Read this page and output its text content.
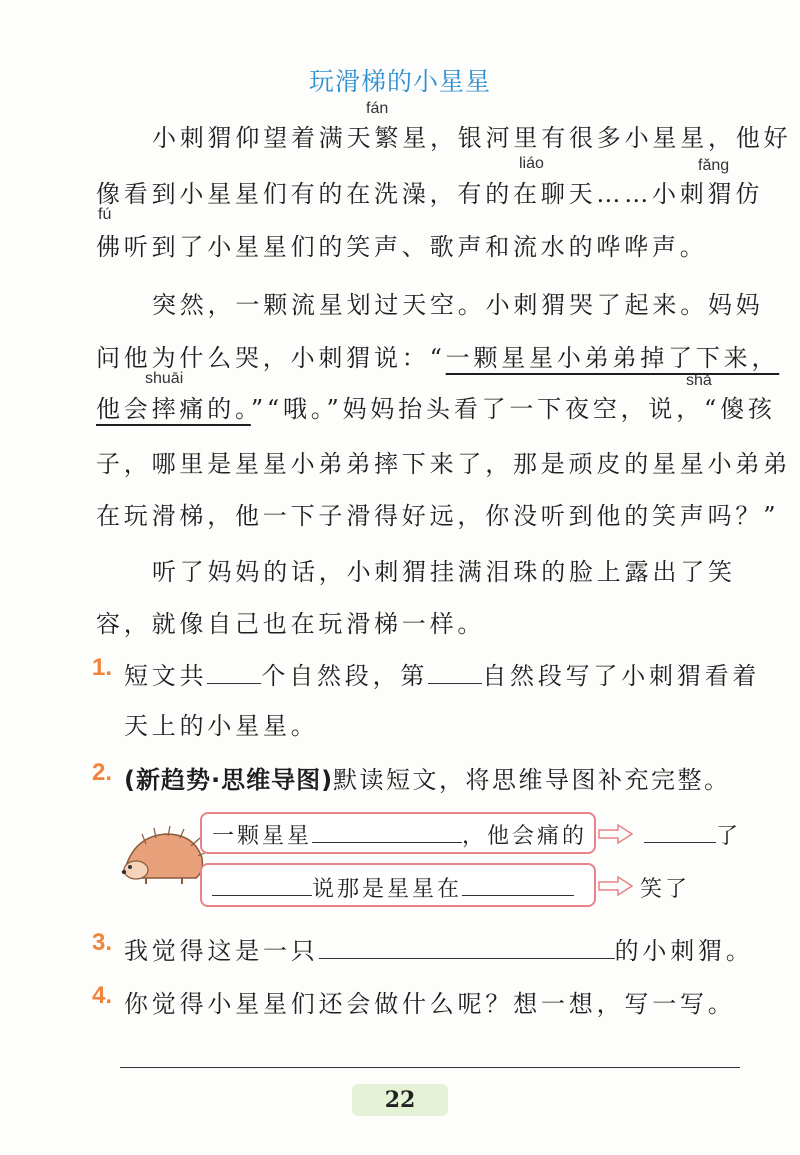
玩滑梯的小星星
fán
liáo	fǎng
fú
shuāi	shǎ
小刺猬仰望着满天繁星，银河里有很多小星星，他好
像看到小星星们有的在洗澡，有的在聊天……小刺猬仿
佛听到了小星星们的笑声、歌声和流水的哗哗声。
突然，一颗流星划过天空。小刺猬哭了起来。妈妈
问他为什么哭，小刺猬说：“一颗星星小弟弟掉了下来，
他会摔痛的。”“哦。”妈妈抬头看了一下夜空，说，“傻孩
子，哪里是星星小弟弟摔下来了，那是顽皮的星星小弟弟
在玩滑梯，他一下子滑得好远，你没听到他的笑声吗？”
听了妈妈的话，小刺猬挂满泪珠的脸上露出了笑
容，就像自己也在玩滑梯一样。
1. 短文共 个自然段，第 自然段写了小刺猬看着
天上的小星星。
2. (新趋势·思维导图)默读短文，将思维导图补充完整。
一颗星星	，他会痛的
说那是星星在
了
笑了
3. 我觉得这是一只	的小刺猬。
4. 你觉得小星星们还会做什么呢？想一想，写一写。
22
